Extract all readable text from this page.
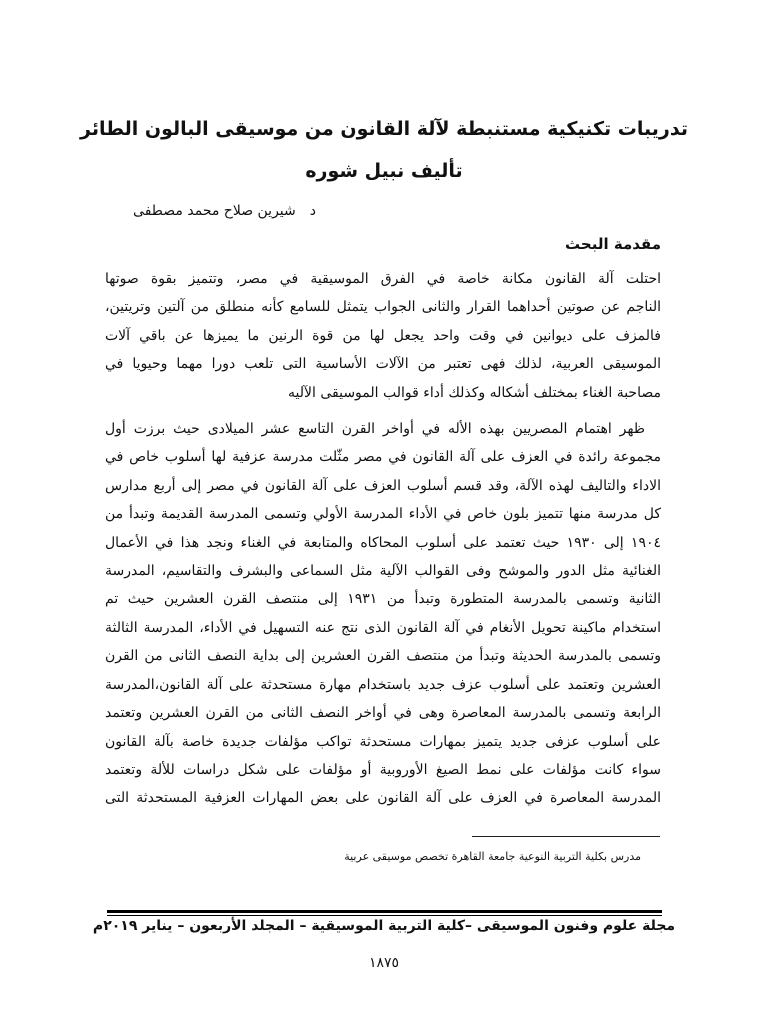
تدريبات تكنيكية مستنبطة لآلة القانون من موسيقى البالون الطائر
تأليف نبيل شوره
د
شيرين صلاح محمد مصطفى
مقدمة البحث
احتلت آلة القانون مكانة خاصة في الفرق الموسيقية في مصر، وتتميز بقوة صوتها
الناجم عن صوتين أحداهما القرار والثانى الجواب يتمثل للسامع كأنه منطلق من آلتين وتريتين،
فالمزف على ديوانين في وقت واحد يجعل لها من قوة الرنين ما يميزها عن باقي آلات
الموسيقى العربية، لذلك فهى تعتبر من الآلات الأساسية التى تلعب دورا مهما وحيويا في
مصاحبة الغناء بمختلف أشكاله وكذلك أداء قوالب الموسيقى الآليه
ظهر اهتمام المصريين بهذه الأله في أواخر القرن التاسع عشر الميلادى حيث برزت أول
مجموعة رائدة في العزف على آلة القانون في مصر مثّلت مدرسة عزفية لها أسلوب خاص في
الاداء والتاليف لهذه الآلة، وقد قسم أسلوب العزف على آلة القانون في مصر إلى أربع مدارس
كل مدرسة منها تتميز بلون خاص في الأداء المدرسة الأولي وتسمى المدرسة القديمة وتبدأ من
١٩٠٤ إلى ١٩٣٠ حيث تعتمد على أسلوب المحاكاه والمتابعة في الغناء ونجد هذا في الأعمال
الغنائية مثل الدور والموشح وفى القوالب الآلية مثل السماعى والبشرف والتقاسيم، المدرسة
الثانية وتسمى بالمدرسة المتطورة وتبدأ من ١٩٣١ إلى منتصف القرن العشرين حيث تم
استخدام ماكينة تحويل الأنغام في آلة القانون الذى نتج عنه التسهيل في الأداء، المدرسة الثالثة
وتسمى بالمدرسة الحديثة وتبدأ من منتصف القرن العشرين إلى بداية النصف الثانى من القرن
العشرين وتعتمد على أسلوب عزف جديد باستخدام مهارة مستحدثة على آلة القانون،المدرسة
الرابعة وتسمى بالمدرسة المعاصرة وهى في أواخر النصف الثانى من القرن العشرين وتعتمد
على أسلوب عزفى جديد يتميز بمهارات مستحدثة تواكب مؤلفات جديدة خاصة بآلة القانون
سواء كانت مؤلفات على نمط الصيغ الأوروبية أو مؤلفات على شكل دراسات للألة وتعتمد
المدرسة المعاصرة في العزف على آلة القانون على بعض المهارات العزفية المستحدثة التى
مدرس بكلية التربية النوعية جامعة القاهرة تخصص موسيقى عربية
مجلة علوم وفنون الموسيقى –كلية التربية الموسيقية – المجلد الأربعون – يناير ٢٠١٩م
١٨٧٥
